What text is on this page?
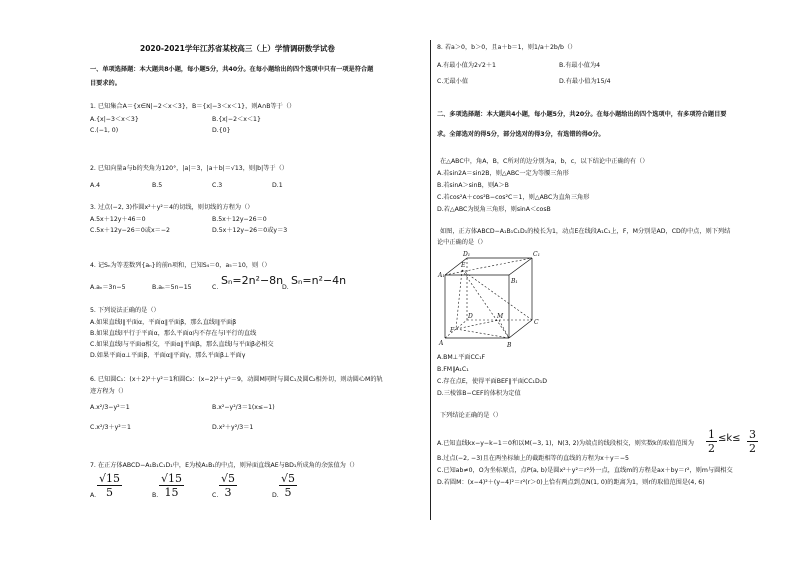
2020-2021学年江苏省某校高三（上）学情调研数学试卷
一、单项选择题：本大题共8小题，每小题5分，共40分。在每小题给出的四个选项中只有一项是符合题
目要求的。
1. 已知集合A＝{x∈N|−2＜x＜3}，B＝{x|−3＜x＜1}，则A∩B等于（）
A.{x|−3＜x＜3}	B.{x|−2＜x＜1}
C.(−1, 0)	D.{0}
2. 已知向量a与b的夹角为120°，|a|＝3，|a＋b|＝√13，则|b|等于（）
A.4	B.5	C.3	D.1
3. 过点(−2, 3)作圆x²＋y²＝4的切线，则切线的方程为（）
A.5x＋12y＋46＝0	B.5x＋12y−26＝0
C.5x＋12y−26＝0或x＝−2	D.5x＋12y−26＝0或y＝3
4. 记Sₙ为等差数列{aₙ}的前n项和，已知S₄＝0，a₅＝10，则（）
A.aₙ＝3n−5	B.aₙ＝5n−15	C.
Sₙ=2n²−8n
D.
Sₙ=n²−4n
5. 下列说法正确的是（）
A.如果直线l∥平面α，平面α∥平面β，那么直线l∥平面β
B.如果直线l平行于平面α，那么平面α内不存在与l平行的直线
C.如果直线l与平面α相交，平面α∥平面β，那么直线l与平面β必相交
D.如果平面α⊥平面β，平面α∥平面γ，那么平面β⊥平面γ
6. 已知圆C₁：(x＋2)²＋y²＝1和圆C₂：(x−2)²＋y²＝9，动圆M同时与圆C₁及圆C₂相外切，则动圆心M的轨
迹方程为（）
A.x²/3−y²＝1	B.x²−y²/3＝1(x≤−1)
C.x²/3＋y²＝1	D.x²＋y²/3＝1
7. 在正方体ABCD−A₁B₁C₁D₁中，E为棱A₁B₁的中点，则异面直线AE与BD₁所成角的余弦值为（）
A. $\frac{√15}{5}$	B. $\frac{√15}{15}$	C. $\frac{√5}{3}$	D. $\frac{√5}{5}$
8. 若a＞0，b＞0，且a＋b＝1，则1/a＋2b/b（）
A.有最小值为2√2＋1	B.有最小值为4
C.无最小值	D.有最小值为15/4
二、多项选择题：本大题共4小题，每小题5分，共20分。在每小题给出的四个选项中，有多项符合题目要
求。全部选对的得5分，部分选对的得3分，有选错的得0分。
在△ABC中，角A，B，C所对的边分别为a，b，c，以下结论中正确的有（）
A.若sin2A＝sin2B，则△ABC一定为等腰三角形
B.若sinA＞sinB，则A＞B
C.若cos²A＋cos²B−cos²C＝1，则△ABC为直角三角形
D.若△ABC为锐角三角形，则sinA＜cosB
如图，正方体ABCD−A₁B₁C₁D₁的棱长为1，动点E在线段A₁C₁上，F，M分别是AD，CD的中点，则下列结
论中正确的是（）
D₁	C₁
A₁
E
B₁
D	M
C
F
A	B
A.BM⊥平面CC₁F
B.FM∥A₁C₁
C.存在点E，使得平面BEF∥平面CC₁D₁D
D.三棱锥B−CEF的体积为定值
下列结论正确的是（）
A.已知直线kx−y−k−1＝0和以M(−3, 1)，N(3, 2)为端点的线段相交，则实数k的取值范围为 $\frac{1}{2} \le k\le \frac{3}{2}$
B.过点(−2, −3)且在两坐标轴上的截距相等的直线的方程为x＋y＝−5
C.已知ab≠0，O为坐标原点，点P(a, b)是圆x²＋y²＝r²外一点，直线m的方程是ax＋by＝r²，则m与圆相交
D.若圆M：(x−4)²＋(y−4)²＝r²(r＞0)上恰有两点到点N(1, 0)的距离为1，则r的取值范围是(4, 6)
